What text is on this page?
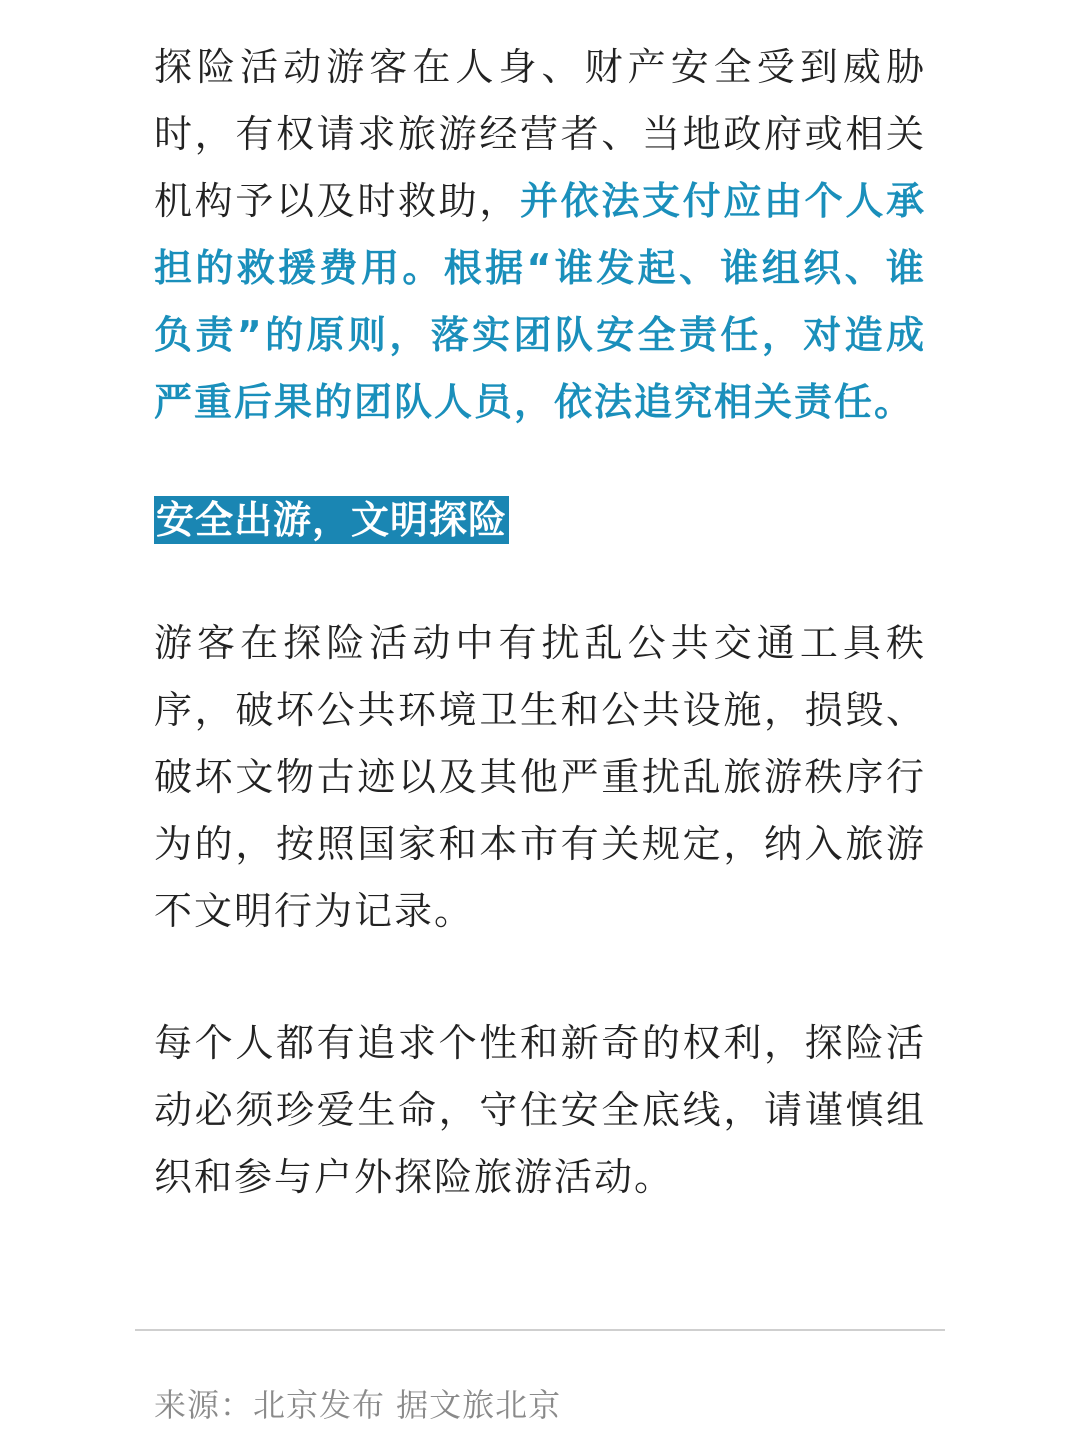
探险活动游客在人身、财产安全受到威胁时，有权请求旅游经营者、当地政府或相关机构予以及时救助，并依法支付应由个人承担的救援费用。根据“谁发起、谁组织、谁负责”的原则，落实团队安全责任，对造成严重后果的团队人员，依法追究相关责任。

安全出游，文明探险

游客在探险活动中有扰乱公共交通工具秩序，破坏公共环境卫生和公共设施，损毁、破坏文物古迹以及其他严重扰乱旅游秩序行为的，按照国家和本市有关规定，纳入旅游不文明行为记录。

每个人都有追求个性和新奇的权利，探险活动必须珍爱生命，守住安全底线，请谨慎组织和参与户外探险旅游活动。

来源：北京发布 据文旅北京
